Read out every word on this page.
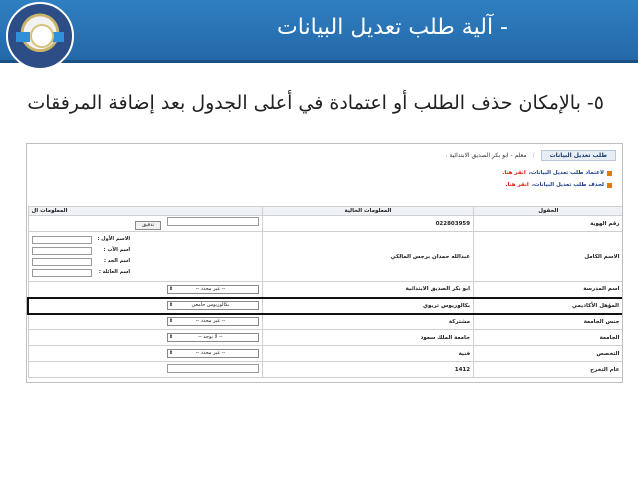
- آلية طلب تعديل البيانات
٥- بالإمكان حذف الطلب أو اعتمادة في أعلى الجدول بعد إضافة المرفقات
طلب تعديل البيانات
/
معلم - ابو بكر الصديق الابتدائية .
لاعتماد طلب تعديل البيانات،
انقر هنا.
لحذف طلب تعديل البيانات،
انقر هنا.
الحقول	المعلومات الحالية	المعلومات ال
رقم الهوية	022803959	تدقيق
الاسم الكامل	عبدالله حمدان برجس المالكي	الاسم الأول :
اسم الأب :
اسم الجد :
اسم العائلة :

اسم المدرسة	ابو بكر الصديق الابتدائية	-- غير محدد --
⬍

المؤهل الأكاديمي	بكالوريوس تربوي	بكالوريوس جامعي
⬍

جنس الجامعة	مشتركة	-- غير محدد --
⬍

الجامعة	جامعة الملك سعود	-- لا يوجد --
⬍

التخصص	فنية	-- غير محدد --
⬍

عام التخرج	1412	
